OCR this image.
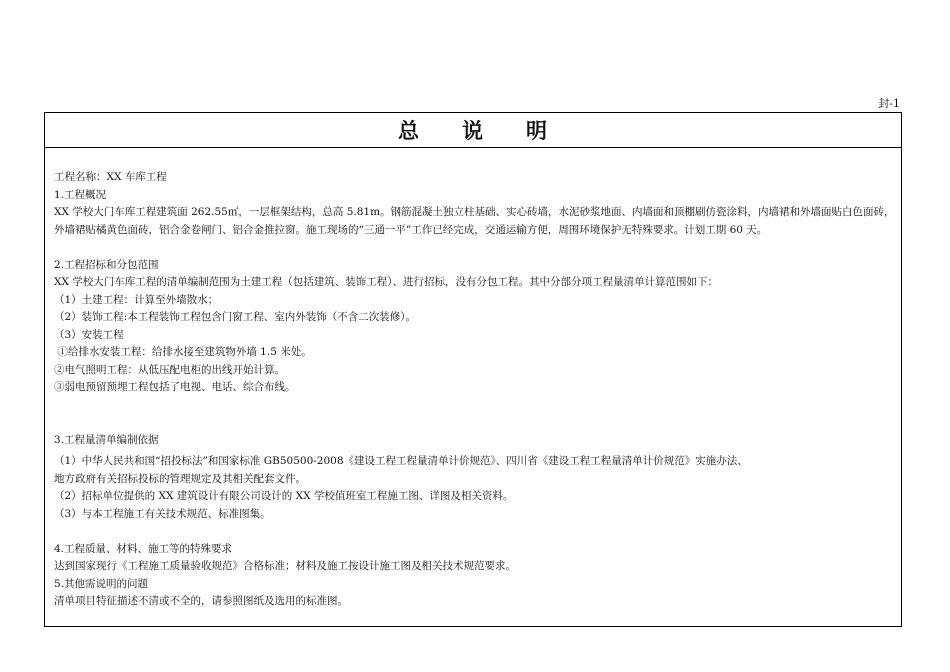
封-1
总 说 明
工程名称：XX 车库工程
1.工程概况
XX 学校大门车库工程建筑面 262.55㎡，一层框架结构，总高 5.81m。钢筋混凝土独立柱基础、实心砖墙，水泥砂浆地面、内墙面和顶棚刷仿瓷涂料，内墙裙和外墙面贴白色面砖，外墙裙贴橘黄色面砖，铝合金卷闸门、铝合金推拉窗。施工现场的“三通一平”工作已经完成，交通运输方便，周围环境保护无特殊要求。计划工期 60 天。
2.工程招标和分包范围
XX 学校大门车库工程的清单编制范围为土建工程（包括建筑、装饰工程）、进行招标，没有分包工程。其中分部分项工程量清单计算范围如下：
（1）土建工程：计算至外墙散水；
（2）装饰工程:本工程装饰工程包含门窗工程、室内外装饰（不含二次装修）。
（3）安装工程
①给排水安装工程：给排水接至建筑物外墙 1.5 米处。
②电气照明工程：从低压配电柜的出线开始计算。
③弱电预留预埋工程包括了电视、电话、综合布线。
3.工程量清单编制依据
（1）中华人民共和国“招投标法”和国家标准 GB50500-2008《建设工程工程量清单计价规范》、四川省《建设工程工程量清单计价规范》实施办法、
地方政府有关招标投标的管理规定及其相关配套文件。
（2）招标单位提供的 XX 建筑设计有限公司设计的 XX 学校值班室工程施工图、详图及相关资料。
（3）与本工程施工有关技术规范、标准图集。
4.工程质量、材料、施工等的特殊要求
达到国家现行《工程施工质量验收规范》合格标准；材料及施工按设计施工图及相关技术规范要求。
5.其他需说明的问题
清单项目特征描述不清或不全的，请参照图纸及选用的标准图。
